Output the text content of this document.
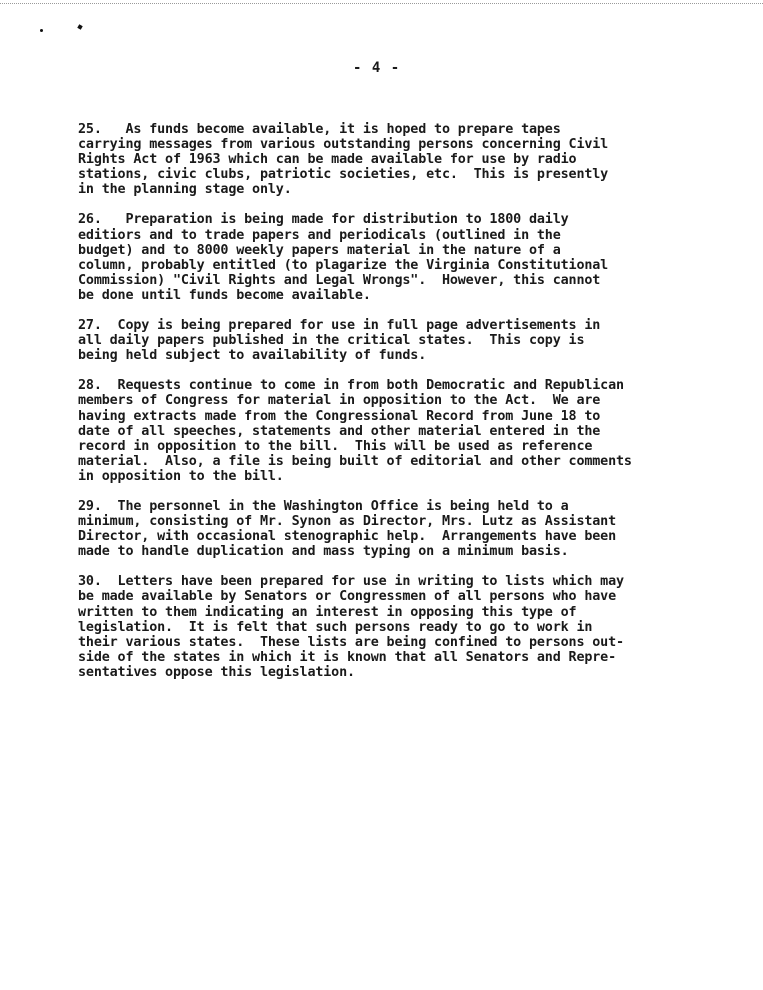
- 4 -
25.   As funds become available, it is hoped to prepare tapes
carrying messages from various outstanding persons concerning Civil
Rights Act of 1963 which can be made available for use by radio
stations, civic clubs, patriotic societies, etc.  This is presently
in the planning stage only.
26.   Preparation is being made for distribution to 1800 daily
editiors and to trade papers and periodicals (outlined in the
budget) and to 8000 weekly papers material in the nature of a
column, probably entitled (to plagarize the Virginia Constitutional
Commission) "Civil Rights and Legal Wrongs".  However, this cannot
be done until funds become available.
27.  Copy is being prepared for use in full page advertisements in
all daily papers published in the critical states.  This copy is
being held subject to availability of funds.
28.  Requests continue to come in from both Democratic and Republican
members of Congress for material in opposition to the Act.  We are
having extracts made from the Congressional Record from June 18 to
date of all speeches, statements and other material entered in the
record in opposition to the bill.  This will be used as reference
material.  Also, a file is being built of editorial and other comments
in opposition to the bill.
29.  The personnel in the Washington Office is being held to a
minimum, consisting of Mr. Synon as Director, Mrs. Lutz as Assistant
Director, with occasional stenographic help.  Arrangements have been
made to handle duplication and mass typing on a minimum basis.
30.  Letters have been prepared for use in writing to lists which may
be made available by Senators or Congressmen of all persons who have
written to them indicating an interest in opposing this type of
legislation.  It is felt that such persons ready to go to work in
their various states.  These lists are being confined to persons out-
side of the states in which it is known that all Senators and Repre-
sentatives oppose this legislation.
